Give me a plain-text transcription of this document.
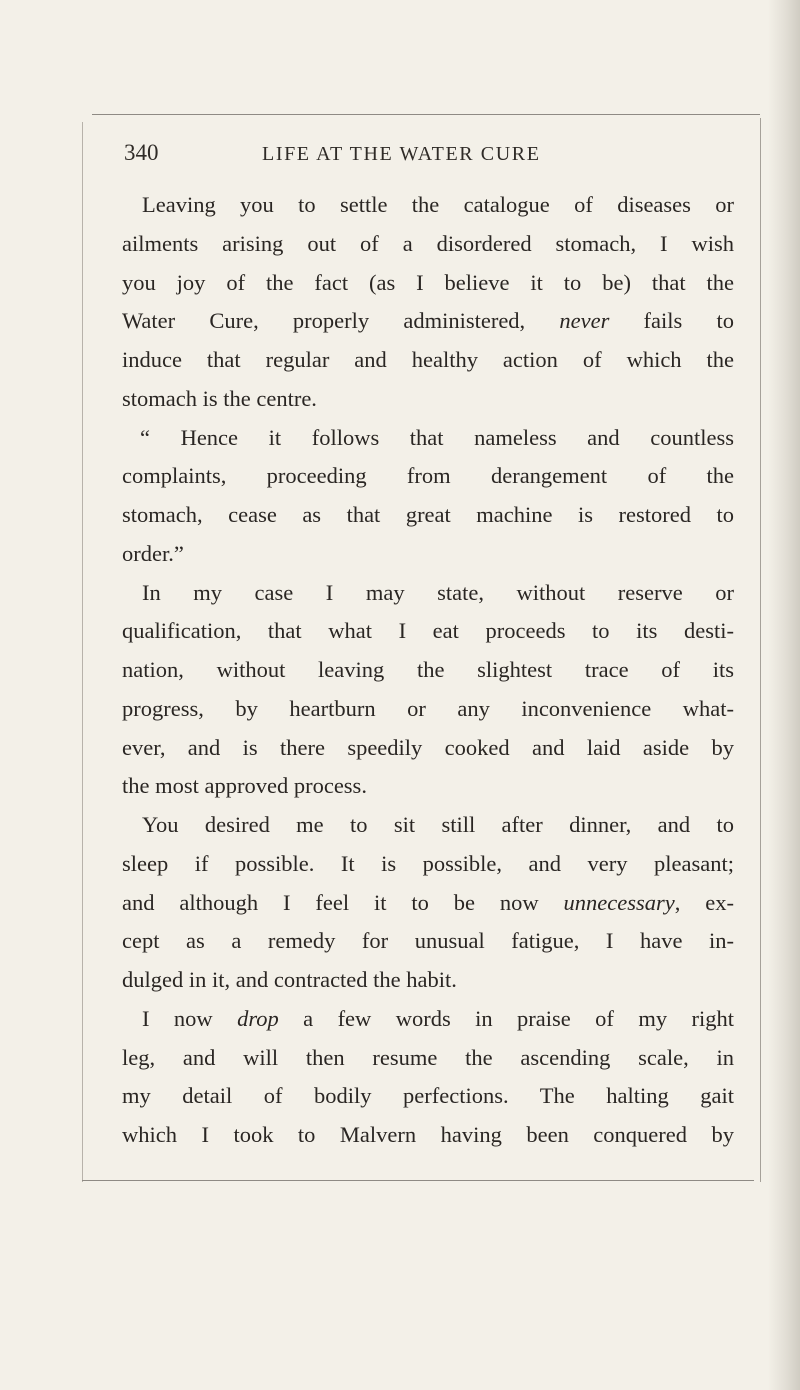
340	LIFE AT THE WATER CURE
Leaving you to settle the catalogue of diseases or
ailments arising out of a disordered stomach, I wish
you joy of the fact (as I believe it to be) that the
Water Cure, properly administered, never fails to
induce that regular and healthy action of which the
stomach is the centre.
“ Hence it follows that nameless and countless
complaints, proceeding from derangement of the
stomach, cease as that great machine is restored to
order.”
In my case I may state, without reserve or
qualification, that what I eat proceeds to its desti-
nation, without leaving the slightest trace of its
progress, by heartburn or any inconvenience what-
ever, and is there speedily cooked and laid aside by
the most approved process.
You desired me to sit still after dinner, and to
sleep if possible. It is possible, and very pleasant;
and although I feel it to be now unnecessary, ex-
cept as a remedy for unusual fatigue, I have in-
dulged in it, and contracted the habit.
I now drop a few words in praise of my right
leg, and will then resume the ascending scale, in
my detail of bodily perfections. The halting gait
which I took to Malvern having been conquered by
